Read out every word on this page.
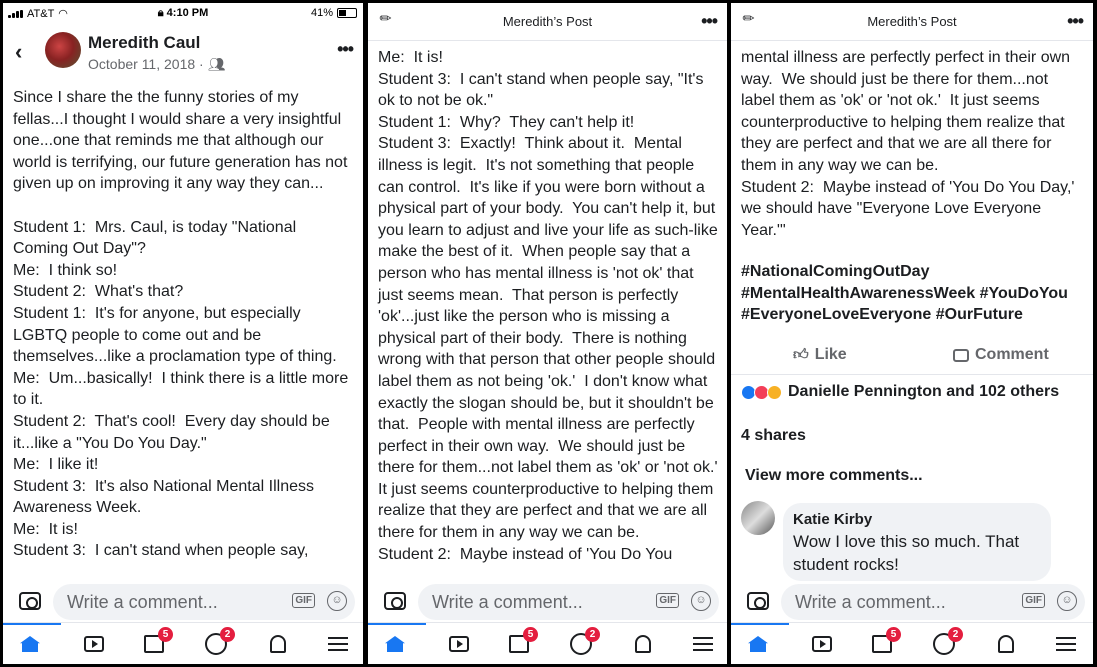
AT&T ◠	🔒︎ 4:10 PM	41%
‹	Meredith Caul
October 11, 2018 · 👥︎
•••
Since I share the the funny stories of my fellas...I thought I would share a very insightful one...one that reminds me that although our world is terrifying, our future generation has not given up on improving it any way they can...

Student 1:  Mrs. Caul, is today "National Coming Out Day"?
Me:  I think so!
Student 2:  What's that?
Student 1:  It's for anyone, but especially LGBTQ people to come out and be themselves...like a proclamation type of thing.
Me:  Um...basically!  I think there is a little more to it.
Student 2:  That's cool!  Every day should be it...like a "You Do You Day."
Me:  I like it!
Student 3:  It's also National Mental Illness Awareness Week.
Me:  It is!
Student 3:  I can't stand when people say,
Write a comment...
GIF	☺
5	2
✎	Meredith’s Post	•••
Me:  It is!
Student 3:  I can't stand when people say, "It's ok to not be ok."
Student 1:  Why?  They can't help it!
Student 3:  Exactly!  Think about it.  Mental illness is legit.  It's not something that people can control.  It's like if you were born without a physical part of your body.  You can't help it, but you learn to adjust and live your life as such-like make the best of it.  When people say that a person who has mental illness is 'not ok' that just seems mean.  That person is perfectly 'ok'...just like the person who is missing a physical part of their body.  There is nothing wrong with that person that other people should label them as not being 'ok.'  I don't know what exactly the slogan should be, but it shouldn't be that.  People with mental illness are perfectly perfect in their own way.  We should just be there for them...not label them as 'ok' or 'not ok.'  It just seems counterproductive to helping them realize that they are perfect and that we are all there for them in any way we can be.
Student 2:  Maybe instead of 'You Do You
Write a comment...
GIF	☺
5	2
✎	Meredith’s Post	•••
mental illness are perfectly perfect in their own way.  We should just be there for them...not label them as 'ok' or 'not ok.'  It just seems counterproductive to helping them realize that they are perfect and that we are all there for them in any way we can be.
Student 2:  Maybe instead of 'You Do You Day,' we should have "Everyone Love Everyone Year.'"
#NationalComingOutDay #MentalHealthAwarenessWeek #YouDoYou #EveryoneLoveEveryone #OurFuture
👍︎ Like	Comment
Danielle Pennington and 102 others
4 shares
View more comments...
Katie Kirby
Wow I love this so much. That student rocks!
Write a comment...
GIF	☺
5	2
